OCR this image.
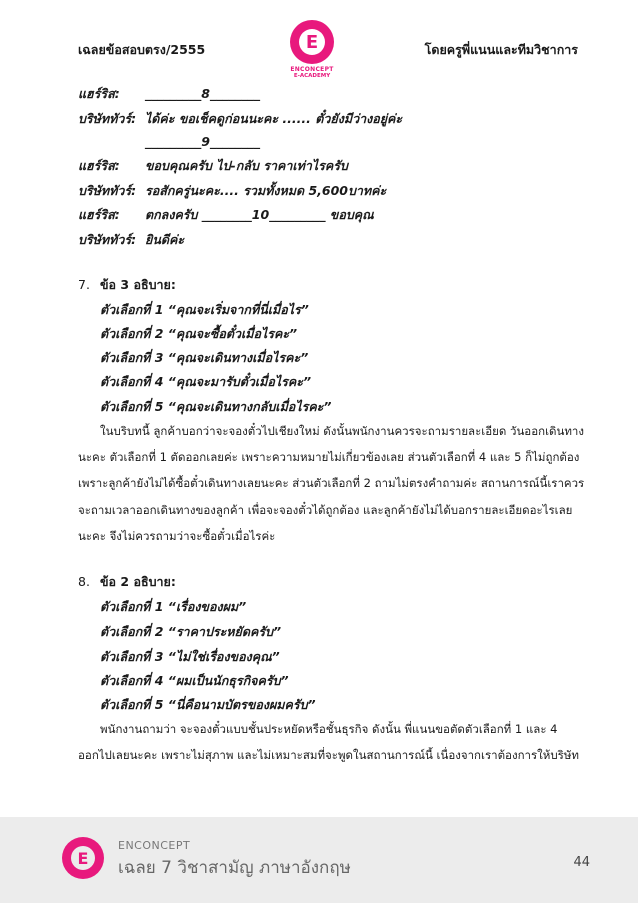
เฉลยข้อสอบตรง/2555	E
ENCONCEPT
E-ACADEMY
โดยครูพี่แนนและทีมวิชาการ
แฮร์ริส: _________8________
บริษัททัวร์: ได้ค่ะ ขอเช็คดูก่อนนะคะ ...... ตั๋วยังมีว่างอยู่ค่ะ
_________9________
แฮร์ริส: ขอบคุณครับ ไป-กลับ ราคาเท่าไรครับ
บริษัททัวร์: รอสักครู่นะคะ.... รวมทั้งหมด 5,600บาทค่ะ
แฮร์ริส: ตกลงครับ ________10_________ ขอบคุณ
บริษัททัวร์: ยินดีค่ะ
7. ข้อ 3 อธิบาย:
ตัวเลือกที่ 1 “คุณจะเริ่มจากที่นี่เมื่อไร”
ตัวเลือกที่ 2 “คุณจะซื้อตั๋วเมื่อไรคะ”
ตัวเลือกที่ 3 “คุณจะเดินทางเมื่อไรคะ”
ตัวเลือกที่ 4 “คุณจะมารับตั๋วเมื่อไรคะ”
ตัวเลือกที่ 5 “คุณจะเดินทางกลับเมื่อไรคะ”
ในบริบทนี้ ลูกค้าบอกว่าจะจองตั๋วไปเชียงใหม่ ดังนั้นพนักงานควรจะถามรายละเอียด วันออกเดินทาง
นะคะ ตัวเลือกที่ 1 ตัดออกเลยค่ะ เพราะความหมายไม่เกี่ยวข้องเลย ส่วนตัวเลือกที่ 4 และ 5 ก็ไม่ถูกต้อง
เพราะลูกค้ายังไม่ได้ซื้อตั๋วเดินทางเลยนะคะ ส่วนตัวเลือกที่ 2 ถามไม่ตรงคำถามค่ะ สถานการณ์นี้เราควร
จะถามเวลาออกเดินทางของลูกค้า เพื่อจะจองตั๋วได้ถูกต้อง และลูกค้ายังไม่ได้บอกรายละเอียดอะไรเลย
นะคะ จึงไม่ควรถามว่าจะซื้อตั๋วเมื่อไรค่ะ
8. ข้อ 2 อธิบาย:
ตัวเลือกที่ 1 “เรื่องของผม”
ตัวเลือกที่ 2 “ราคาประหยัดครับ”
ตัวเลือกที่ 3 “ไม่ใช่เรื่องของคุณ”
ตัวเลือกที่ 4 “ผมเป็นนักธุรกิจครับ”
ตัวเลือกที่ 5 “นี่คือนามบัตรของผมครับ”
พนักงานถามว่า จะจองตั๋วแบบชั้นประหยัดหรือชั้นธุรกิจ ดังนั้น พี่แนนขอตัดตัวเลือกที่ 1 และ 4
ออกไปเลยนะคะ เพราะไม่สุภาพ และไม่เหมาะสมที่จะพูดในสถานการณ์นี้ เนื่องจากเราต้องการให้บริษัท
E
ENCONCEPT
เฉลย 7 วิชาสามัญ ภาษาอังกฤษ	44
